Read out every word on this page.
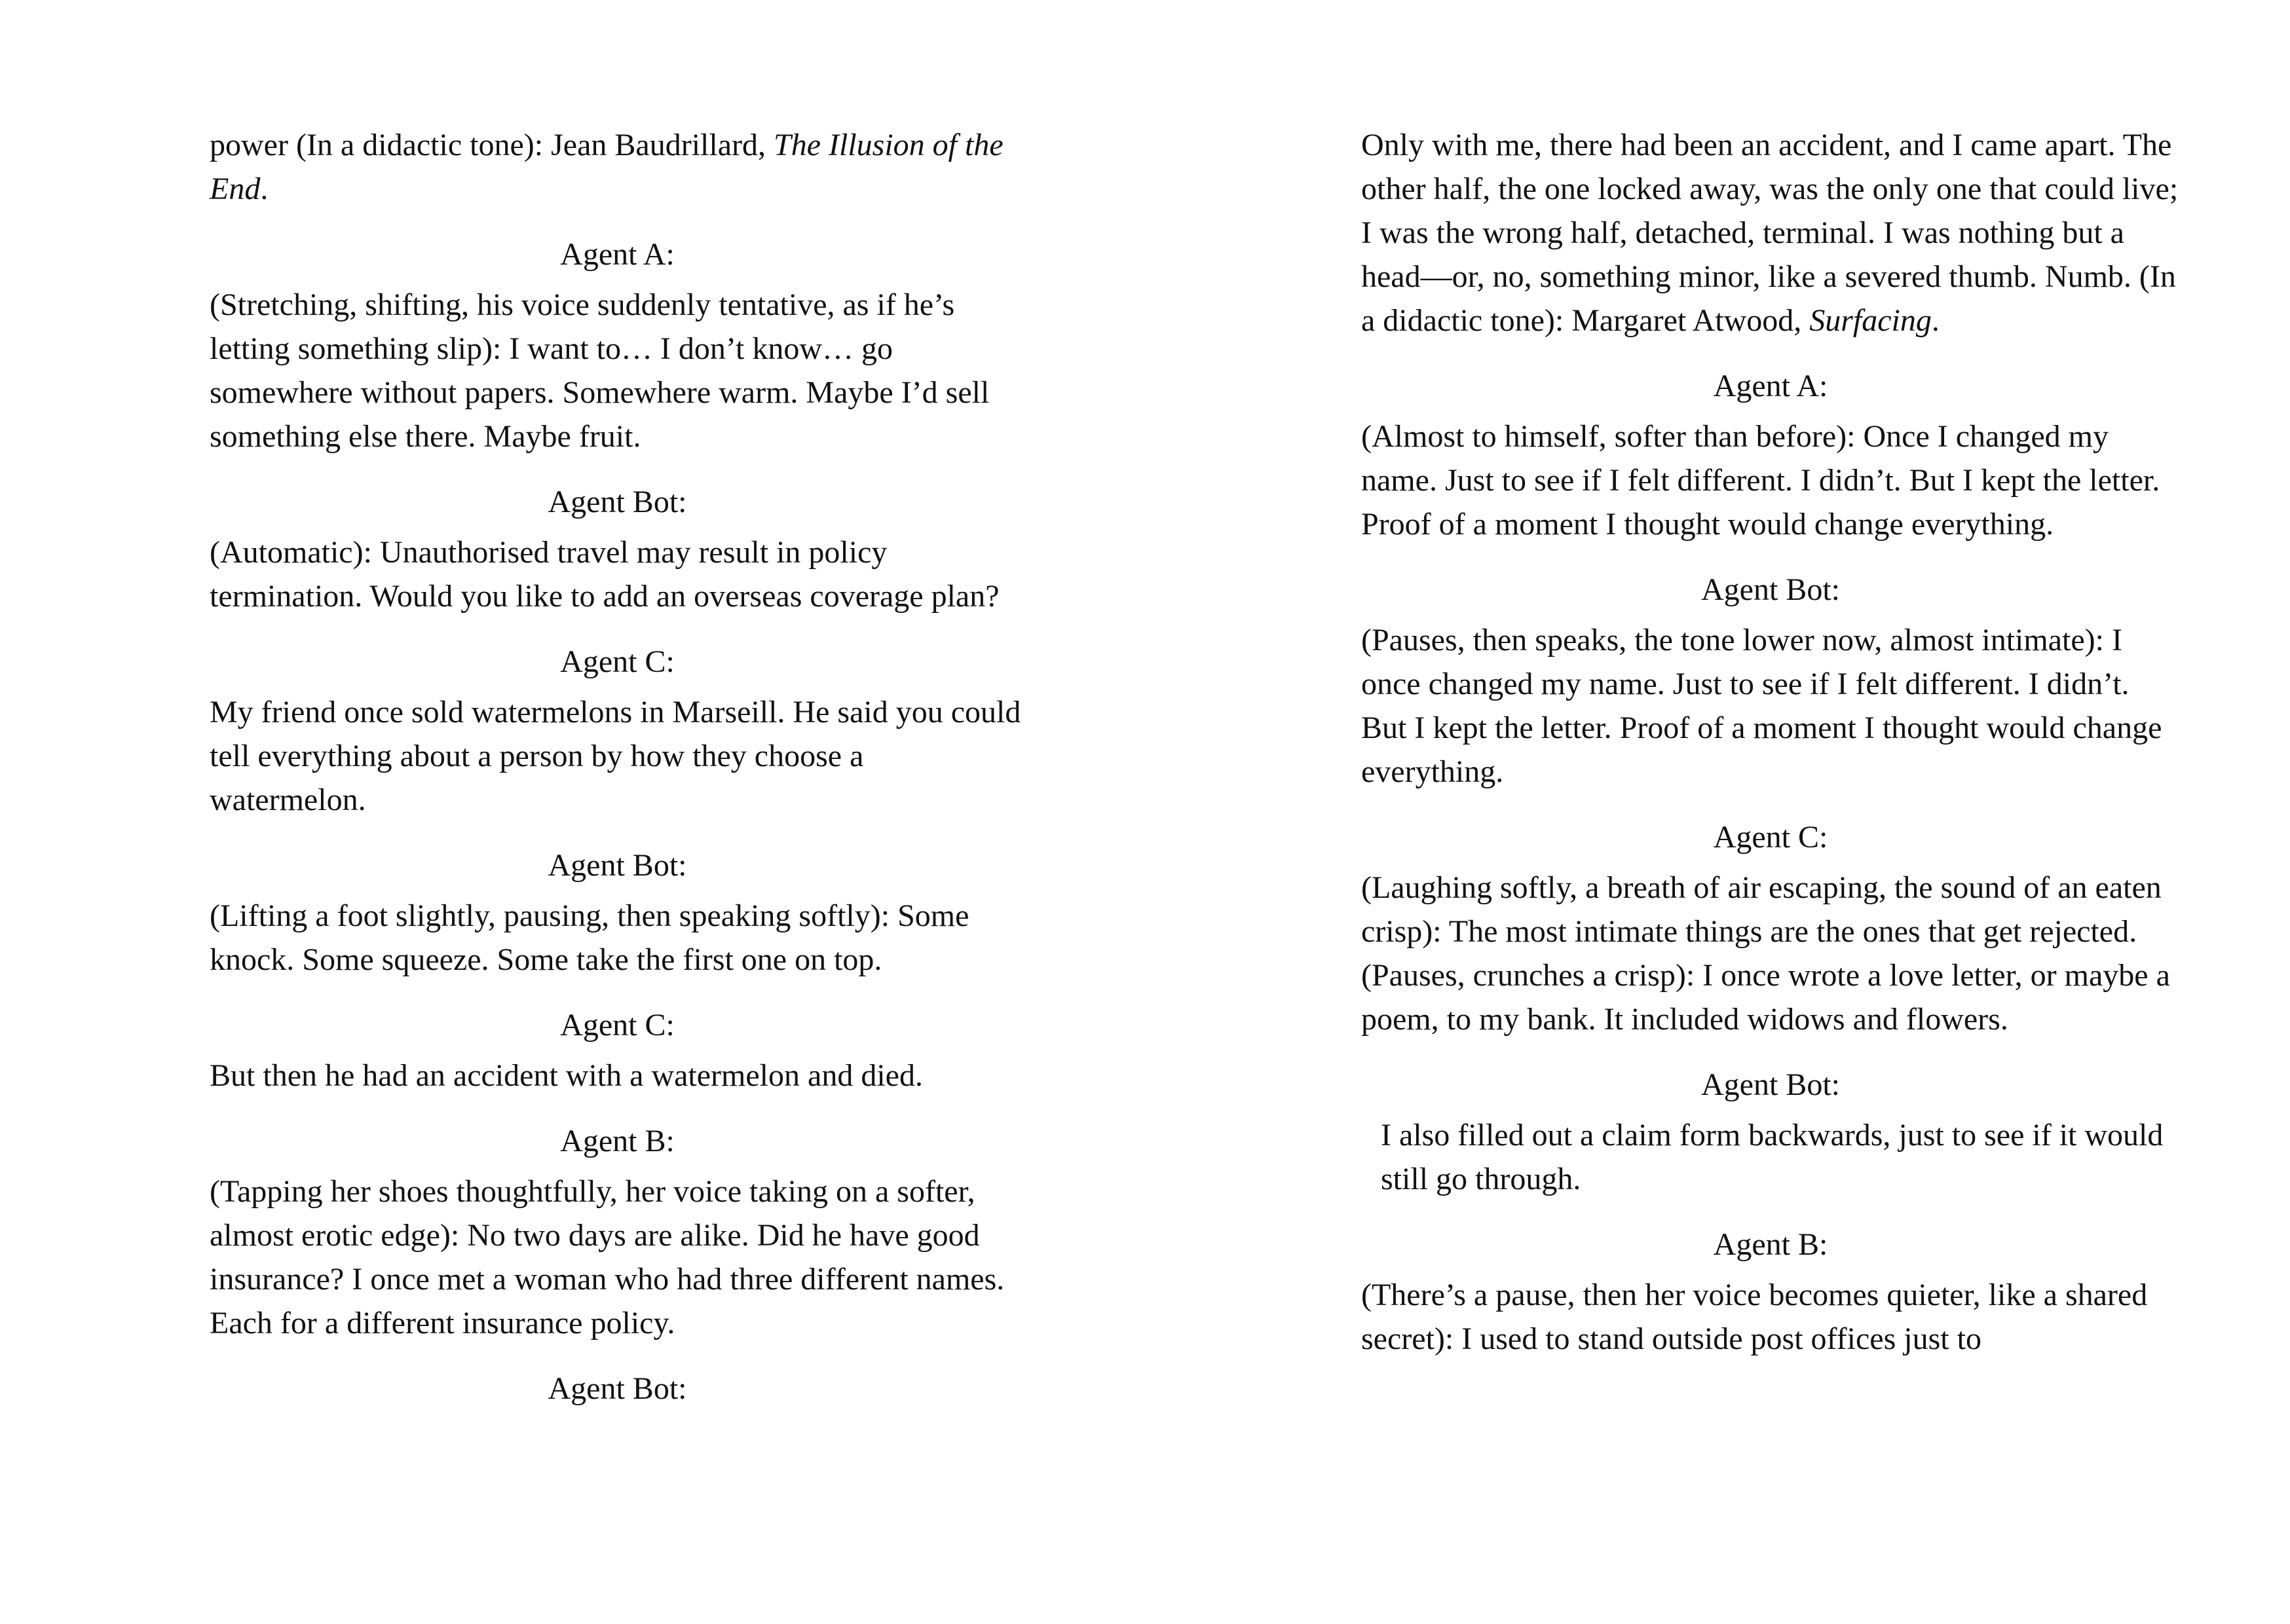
power (In a didactic tone): Jean Baudrillard, The Illusion of the End.

Agent A:

(Stretching, shifting, his voice suddenly tentative, as if he’s letting something slip): I want to… I don’t know… go somewhere without papers. Somewhere warm. Maybe I’d sell something else there. Maybe fruit.

Agent Bot:

(Automatic): Unauthorised travel may result in policy termination. Would you like to add an overseas coverage plan?

Agent C:

My friend once sold watermelons in Marseill. He said you could tell everything about a person by how they choose a watermelon.

Agent Bot:

(Lifting a foot slightly, pausing, then speaking softly): Some knock. Some squeeze. Some take the first one on top.

Agent C:

But then he had an accident with a watermelon and died.

Agent B:

(Tapping her shoes thoughtfully, her voice taking on a softer, almost erotic edge): No two days are alike. Did he have good insurance? I once met a woman who had three different names. Each for a different insurance policy.

Agent Bot:

Only with me, there had been an accident, and I came apart. The other half, the one locked away, was the only one that could live; I was the wrong half, detached, terminal. I was nothing but a head—or, no, something minor, like a severed thumb. Numb. (In a didactic tone): Margaret Atwood, Surfacing.

Agent A:

(Almost to himself, softer than before): Once I changed my name. Just to see if I felt different. I didn’t. But I kept the letter. Proof of a moment I thought would change everything.

Agent Bot:

(Pauses, then speaks, the tone lower now, almost intimate): I once changed my name. Just to see if I felt different. I didn’t. But I kept the letter. Proof of a moment I thought would change everything.

Agent C:

(Laughing softly, a breath of air escaping, the sound of an eaten crisp): The most intimate things are the ones that get rejected. (Pauses, crunches a crisp): I once wrote a love letter, or maybe a poem, to my bank. It included widows and flowers.

Agent Bot:

I also filled out a claim form backwards, just to see if it would still go through.

Agent B:

(There’s a pause, then her voice becomes quieter, like a shared secret): I used to stand outside post offices just to
